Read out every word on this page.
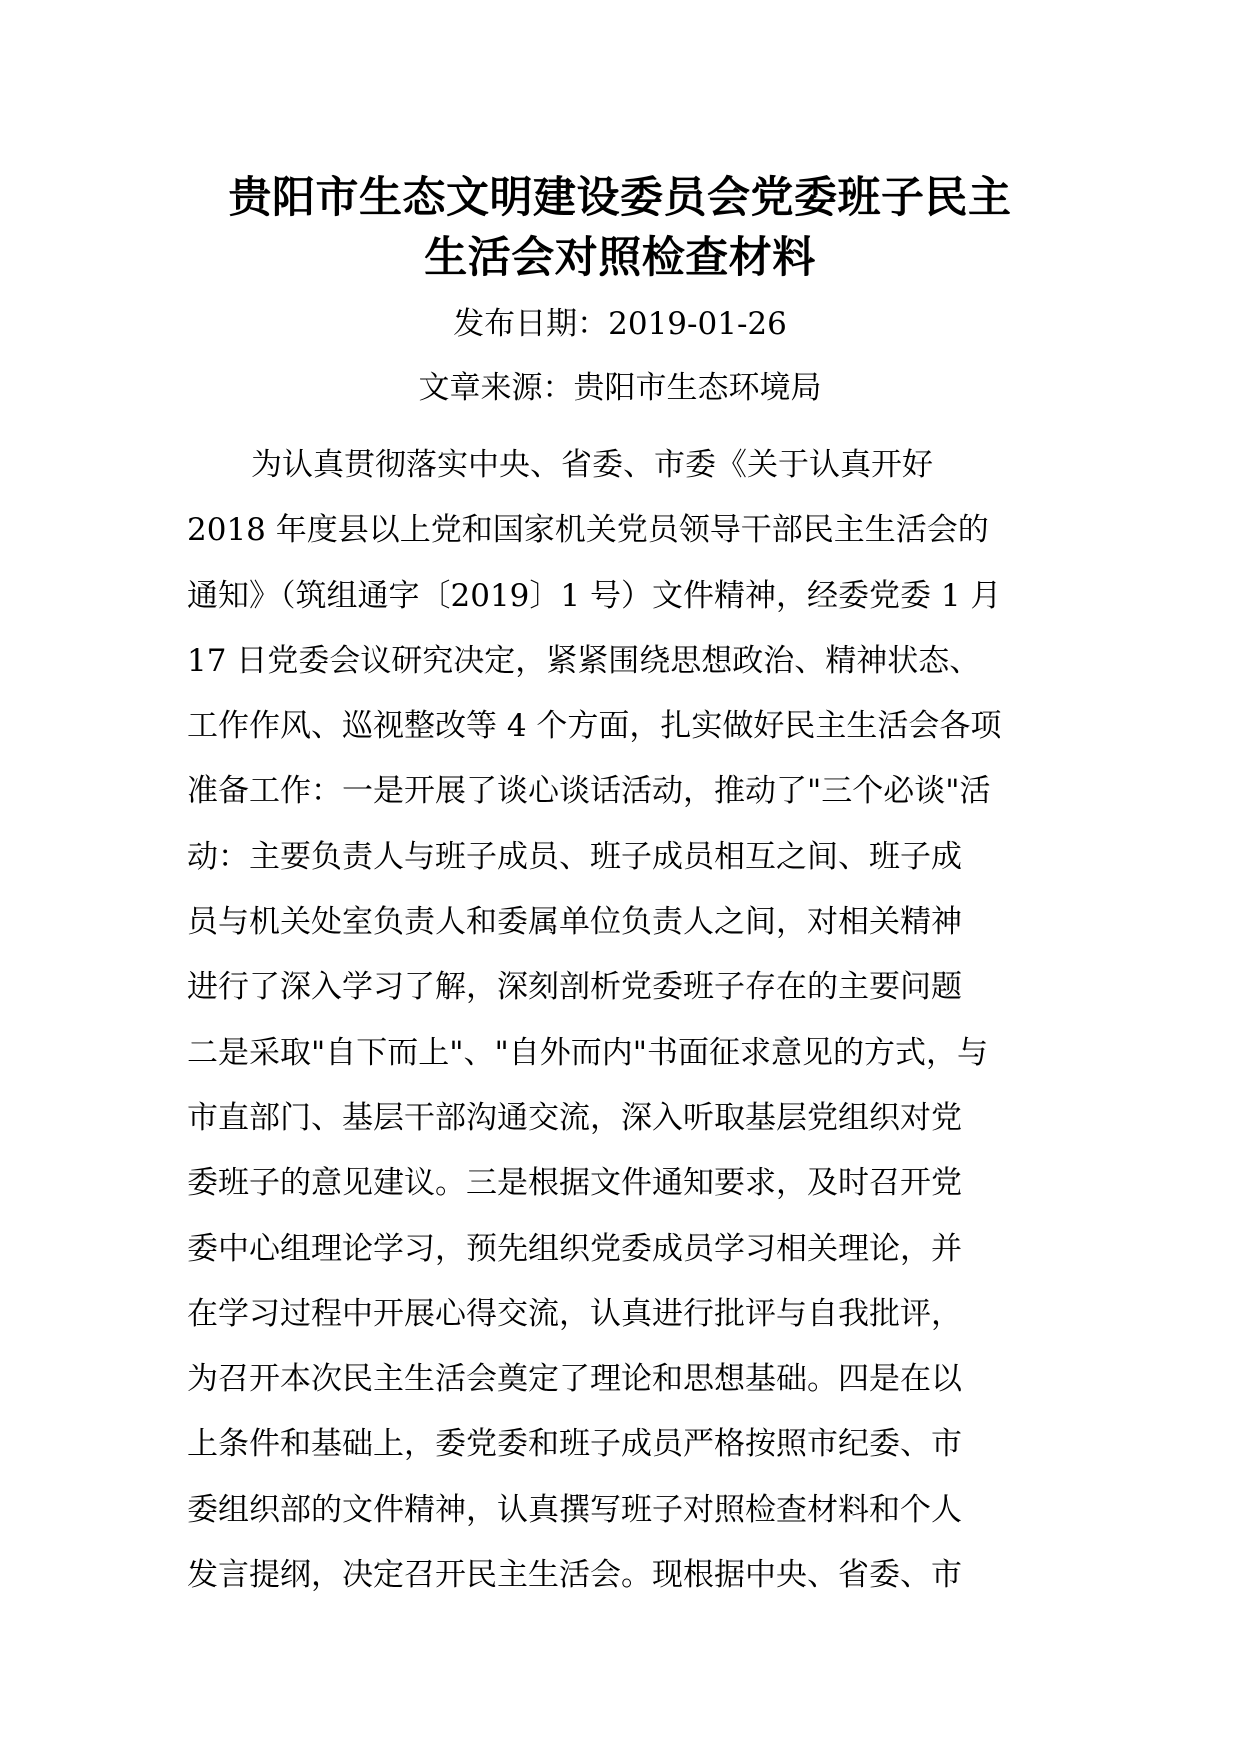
贵阳市生态文明建设委员会党委班子民主
生活会对照检查材料
发布日期：2019-01-26
文章来源：贵阳市生态环境局
为认真贯彻落实中央、省委、市委《关于认真开好
2018 年度县以上党和国家机关党员领导干部民主生活会的
通知》（筑组通字〔2019〕1 号）文件精神，经委党委 1 月
17 日党委会议研究决定，紧紧围绕思想政治、精神状态、
工作作风、巡视整改等 4 个方面，扎实做好民主生活会各项
准备工作：一是开展了谈心谈话活动，推动了"三个必谈"活
动：主要负责人与班子成员、班子成员相互之间、班子成
员与机关处室负责人和委属单位负责人之间，对相关精神
进行了深入学习了解，深刻剖析党委班子存在的主要问题
二是采取"自下而上"、"自外而内"书面征求意见的方式，与
市直部门、基层干部沟通交流，深入听取基层党组织对党
委班子的意见建议。三是根据文件通知要求，及时召开党
委中心组理论学习，预先组织党委成员学习相关理论，并
在学习过程中开展心得交流，认真进行批评与自我批评，
为召开本次民主生活会奠定了理论和思想基础。四是在以
上条件和基础上，委党委和班子成员严格按照市纪委、市
委组织部的文件精神，认真撰写班子对照检查材料和个人
发言提纲，决定召开民主生活会。现根据中央、省委、市
